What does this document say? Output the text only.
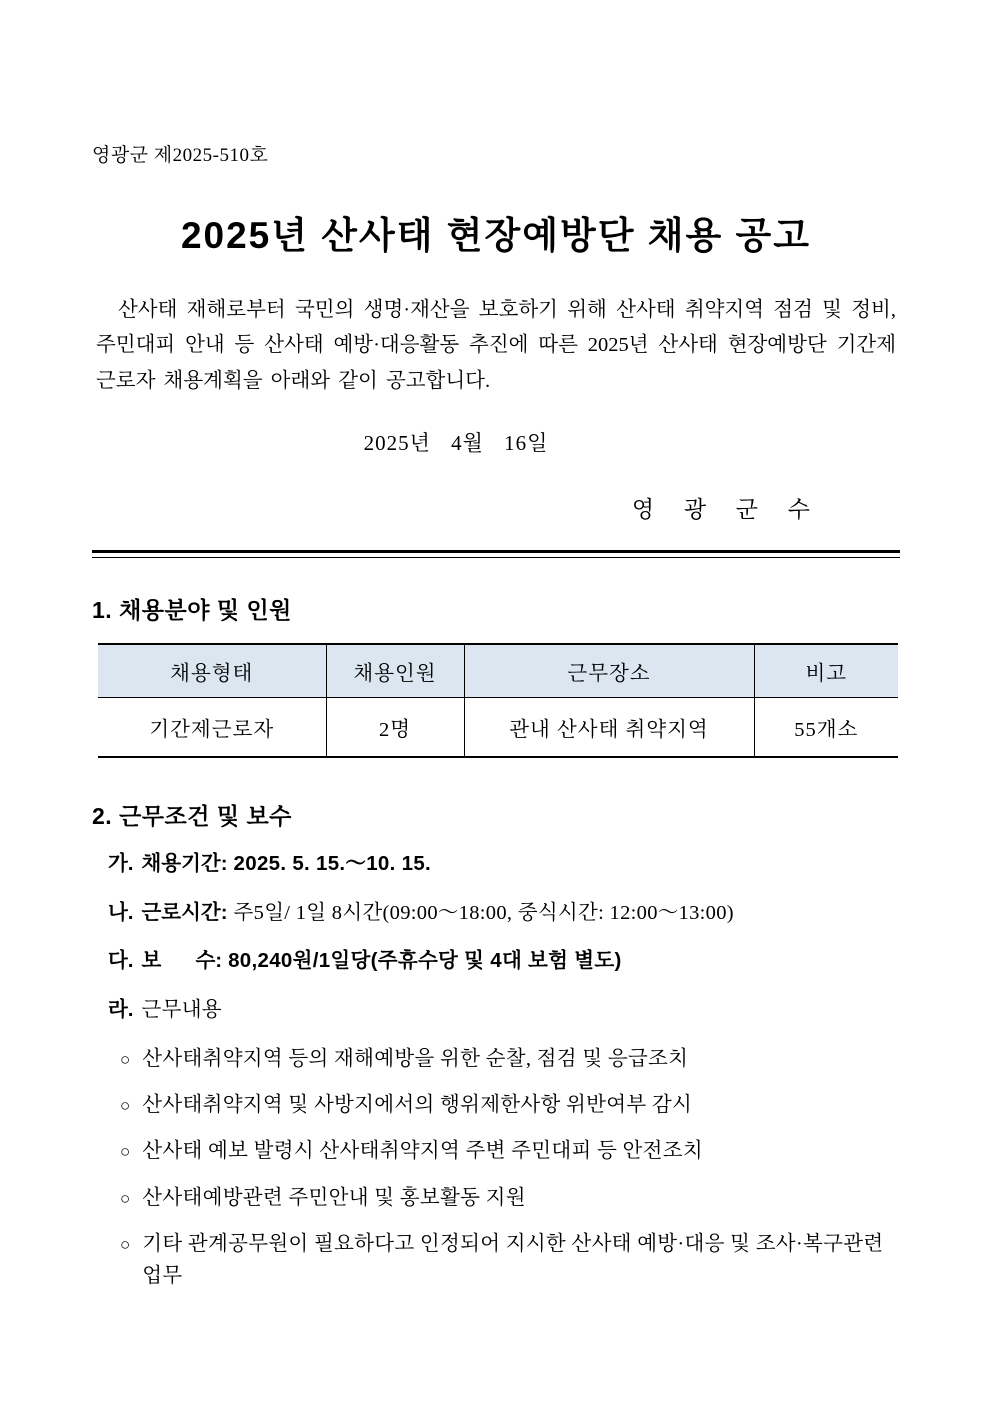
영광군 제2025-510호
2025년 산사태 현장예방단 채용 공고

산사태 재해로부터 국민의 생명·재산을 보호하기 위해 산사태 취약지역 점검 및 정비, 주민대피 안내 등 산사태 예방·대응활동 추진에 따른 2025년 산사태 현장예방단 기간제근로자 채용계획을 아래와 같이 공고합니다.

2025년 4월 16일
영 광 군 수
1. 채용분야 및 인원
채용형태	채용인원	근무장소	비고
기간제근로자	2명	관내 산사태 취약지역	55개소
2. 근무조건 및 보수
가. 채용기간: 2025. 5. 15.～10. 15.
나. 근로시간: 주5일/ 1일 8시간(09:00～18:00, 중식시간: 12:00～13:00)
다. 보      수: 80,240원/1일당(주휴수당 및 4대 보험 별도)
라. 근무내용
○ 산사태취약지역 등의 재해예방을 위한 순찰, 점검 및 응급조치
○ 산사태취약지역 및 사방지에서의 행위제한사항 위반여부 감시
○ 산사태 예보 발령시 산사태취약지역 주변 주민대피 등 안전조치
○ 산사태예방관련 주민안내 및 홍보활동 지원
○ 기타 관계공무원이 필요하다고 인정되어 지시한 산사태 예방·대응 및 조사·복구관련 업무
